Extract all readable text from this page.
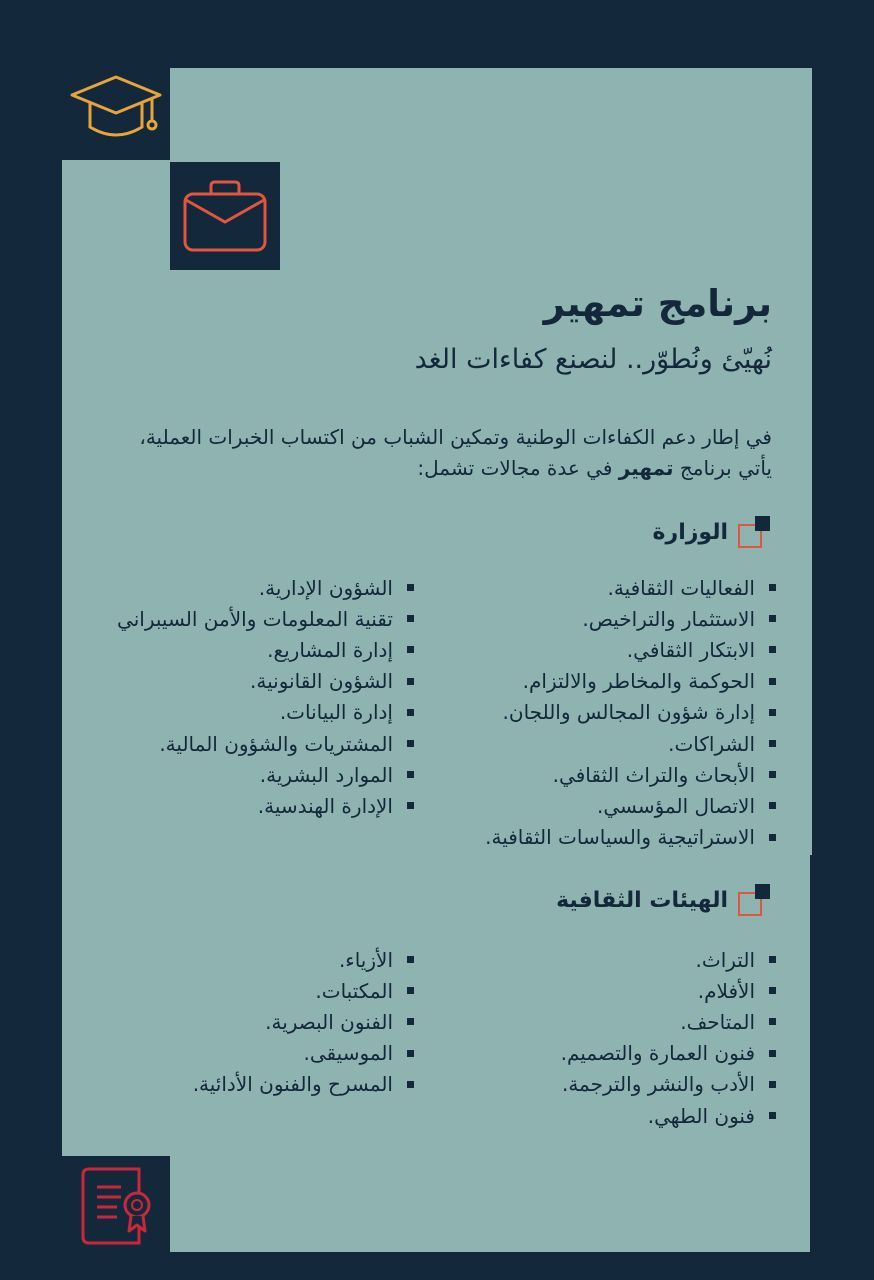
برنامج تمهير
نُهيّئ ونُطوّر.. لنصنع كفاءات الغد

في إطار دعم الكفاءات الوطنية وتمكين الشباب من اكتساب الخبرات العملية،
يأتي برنامج تمهير في عدة مجالات تشمل:

الوزارة
الفعاليات الثقافية.
الاستثمار والتراخيص.
الابتكار الثقافي.
الحوكمة والمخاطر والالتزام.
إدارة شؤون المجالس واللجان.
الشراكات.
الأبحاث والتراث الثقافي.
الاتصال المؤسسي.
الاستراتيجية والسياسات الثقافية.
الشؤون الإدارية.
تقنية المعلومات والأمن السيبراني
إدارة المشاريع.
الشؤون القانونية.
إدارة البيانات.
المشتريات والشؤون المالية.
الموارد البشرية.
الإدارة الهندسية.
الهيئات الثقافية
التراث.
الأفلام.
المتاحف.
فنون العمارة والتصميم.
الأدب والنشر والترجمة.
فنون الطهي.
الأزياء.
المكتبات.
الفنون البصرية.
الموسيقى.
المسرح والفنون الأدائية.
